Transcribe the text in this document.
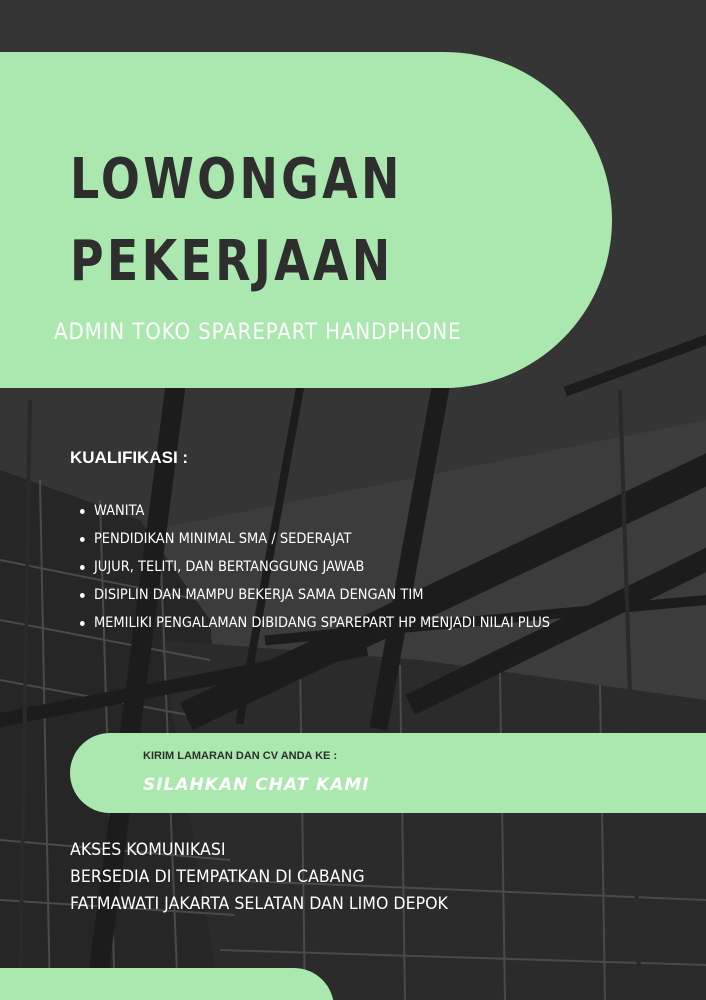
LOWONGAN
PEKERJAAN
ADMIN TOKO SPAREPART HANDPHONE
KUALIFIKASI :
WANITA
PENDIDIKAN MINIMAL SMA / SEDERAJAT
JUJUR, TELITI, DAN BERTANGGUNG JAWAB
DISIPLIN DAN MAMPU BEKERJA SAMA DENGAN TIM
MEMILIKI PENGALAMAN DIBIDANG SPAREPART HP MENJADI NILAI PLUS
KIRIM LAMARAN DAN CV ANDA KE :
SILAHKAN CHAT KAMI
AKSES KOMUNIKASI
BERSEDIA DI TEMPATKAN DI CABANG
FATMAWATI JAKARTA SELATAN DAN LIMO DEPOK
